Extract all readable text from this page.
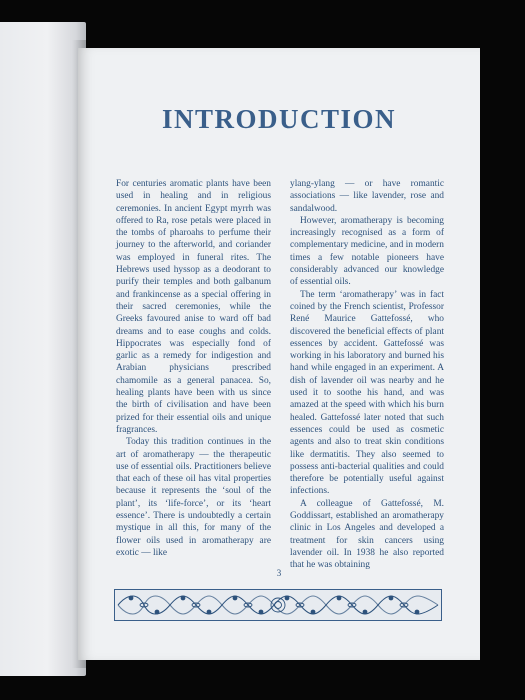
INTRODUCTION

For centuries aromatic plants have been used in healing and in religious ceremonies. In ancient Egypt myrrh was offered to Ra, rose petals were placed in the tombs of pharoahs to perfume their journey to the afterworld, and coriander was employed in funeral rites. The Hebrews used hyssop as a deodorant to purify their temples and both galbanum and frankincense as a special offering in their sacred ceremonies, while the Greeks favoured anise to ward off bad dreams and to ease coughs and colds. Hippocrates was especially fond of garlic as a remedy for indigestion and Arabian physicians prescribed chamomile as a general panacea. So, healing plants have been with us since the birth of civilisation and have been prized for their essential oils and unique fragrances.

Today this tradition continues in the art of aromatherapy — the therapeutic use of essential oils. Practitioners believe that each of these oil has vital properties because it represents the ‘soul of the plant’, its ‘life-force’, or its ‘heart essence’. There is undoubtedly a certain mystique in all this, for many of the flower oils used in aromatherapy are exotic — like

ylang-ylang — or have romantic associations — like lavender, rose and sandalwood.

However, aromatherapy is becoming increasingly recognised as a form of complementary medicine, and in modern times a few notable pioneers have considerably advanced our knowledge of essential oils.

The term ‘aromatherapy’ was in fact coined by the French scientist, Professor René Maurice Gattefossé, who discovered the beneficial effects of plant essences by accident. Gattefossé was working in his laboratory and burned his hand while engaged in an experiment. A dish of lavender oil was nearby and he used it to soothe his hand, and was amazed at the speed with which his burn healed. Gattefossé later noted that such essences could be used as cosmetic agents and also to treat skin conditions like dermatitis. They also seemed to possess anti-bacterial qualities and could therefore be potentially useful against infections.

A colleague of Gattefossé, M. Goddissart, established an aromatherapy clinic in Los Angeles and developed a treatment for skin cancers using lavender oil. In 1938 he also reported that he was obtaining

3
